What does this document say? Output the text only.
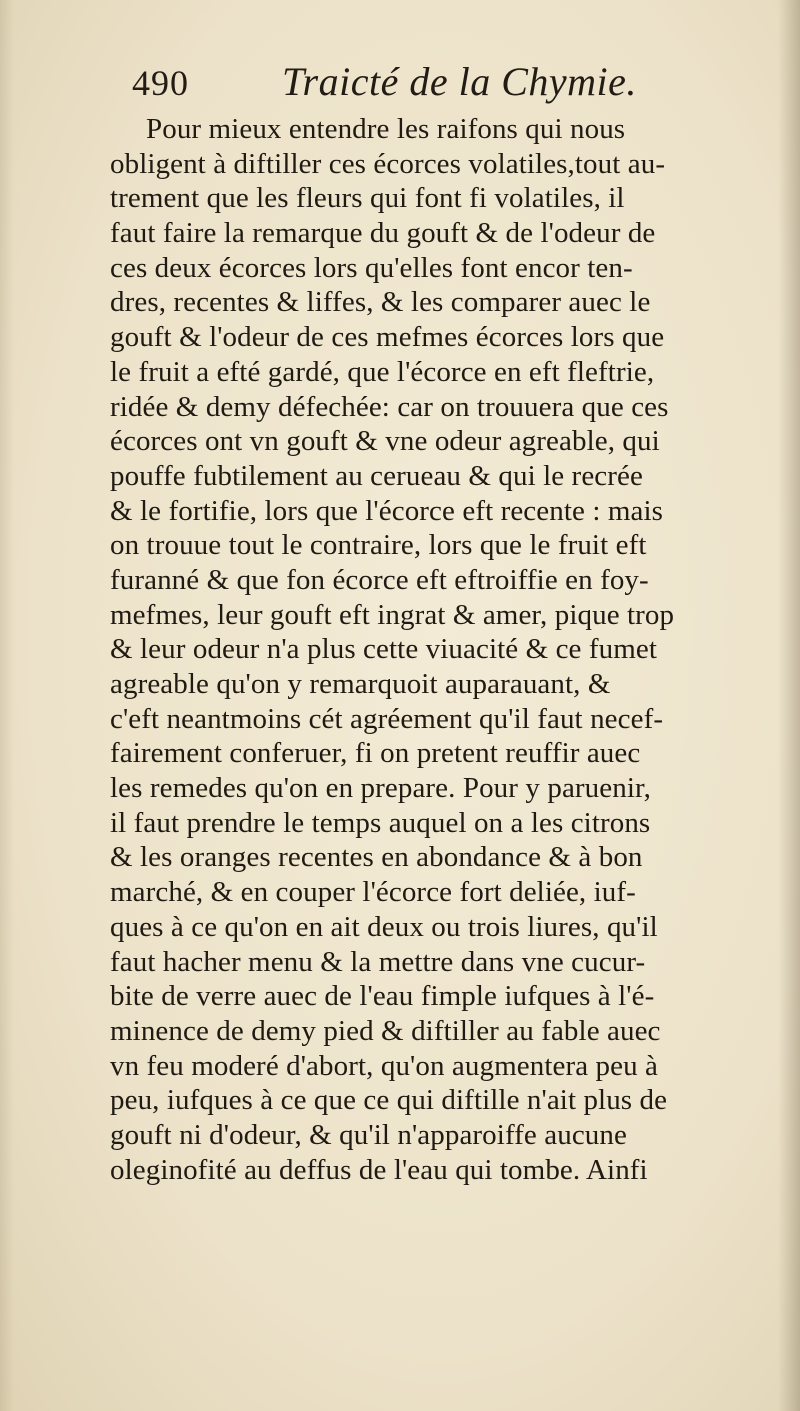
490 Traicté de la Chymie.
Pour mieux entendre les raifons qui nous
obligent à diftiller ces écorces volatiles,tout au-
trement que les fleurs qui font fi volatiles, il
faut faire la remarque du gouft & de l'odeur de
ces deux écorces lors qu'elles font encor ten-
dres, recentes & liffes, & les comparer auec le
gouft & l'odeur de ces mefmes écorces lors que
le fruit a efté gardé, que l'écorce en eft fleftrie,
ridée & demy défechée: car on trouuera que ces
écorces ont vn gouft & vne odeur agreable, qui
pouffe fubtilement au cerueau & qui le recrée
& le fortifie, lors que l'écorce eft recente : mais
on trouue tout le contraire, lors que le fruit eft
furanné & que fon écorce eft eftroiffie en foy-
mefmes, leur gouft eft ingrat & amer, pique trop
& leur odeur n'a plus cette viuacité & ce fumet
agreable qu'on y remarquoit auparauant, &
c'eft neantmoins cét agréement qu'il faut necef-
fairement conferuer, fi on pretent reuffir auec
les remedes qu'on en prepare. Pour y paruenir,
il faut prendre le temps auquel on a les citrons
& les oranges recentes en abondance & à bon
marché, & en couper l'écorce fort deliée, iuf-
ques à ce qu'on en ait deux ou trois liures, qu'il
faut hacher menu & la mettre dans vne cucur-
bite de verre auec de l'eau fimple iufques à l'é-
minence de demy pied & diftiller au fable auec
vn feu moderé d'abort, qu'on augmentera peu à
peu, iufques à ce que ce qui diftille n'ait plus de
gouft ni d'odeur, & qu'il n'apparoiffe aucune
oleginofité au deffus de l'eau qui tombe. Ainfi
